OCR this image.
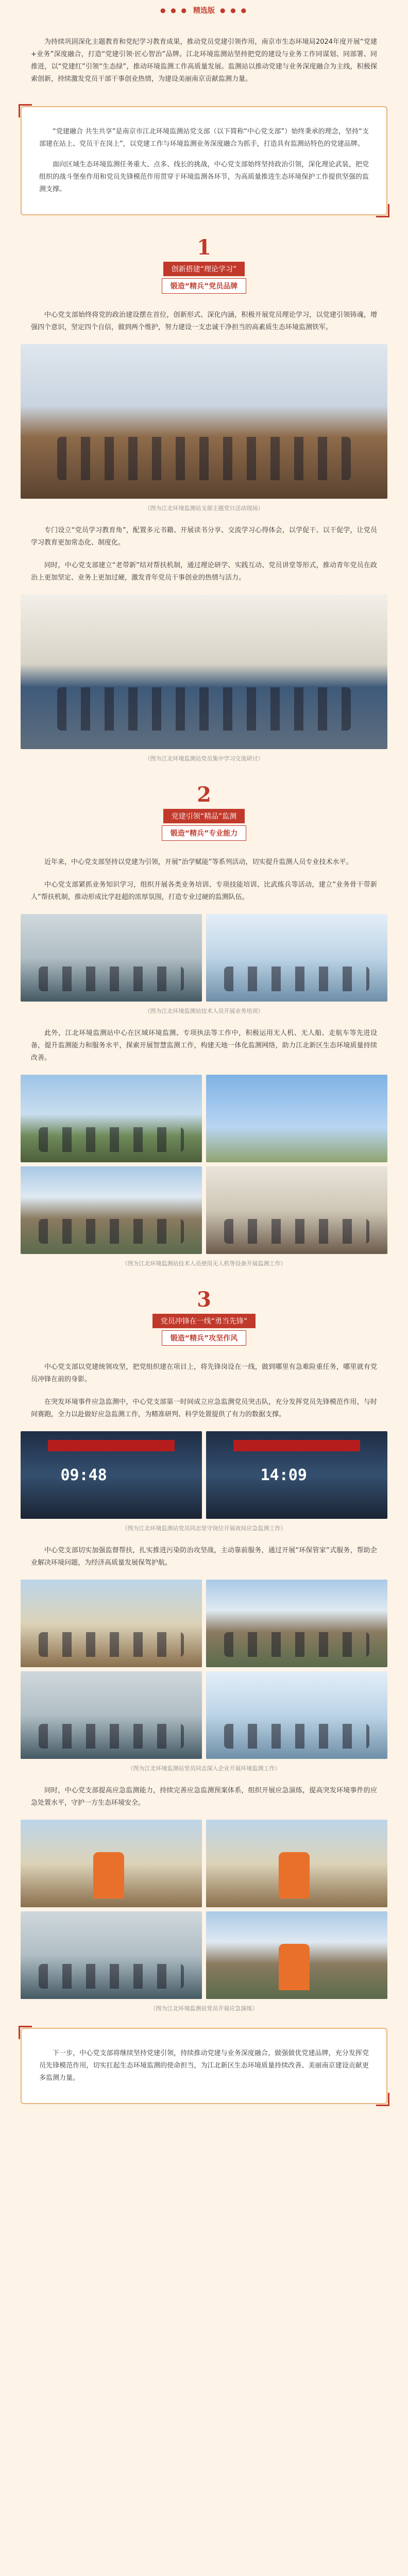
● ● ● 精选版 ● ● ●

为持续巩固深化主题教育和党纪学习教育成果，推动党员党建引领作用，南京市生态环境局2024年度开展“党建+业务”深度融合，打造“党建引领·匠心智治”品牌。江北环境监测站坚持把党的建设与业务工作同谋划、同部署、同推进，以“党建红”引领“生态绿”，推动环境监测工作高质量发展。监测站以推动党建与业务深度融合为主线，积极探索创新，持续激发党员干部干事创业热情，为建设美丽南京贡献监测力量。

“党建融合 共生共享”是南京市江北环境监测站党支部（以下简称“中心党支部”）始终秉承的理念，坚持“支部建在站上、党员干在岗上”，以党建工作与环境监测业务深度融合为抓手，打造具有监测站特色的党建品牌。

面向区域生态环境监测任务重大、点多、线长的挑战，中心党支部始终坚持政治引领，深化理论武装，把党组织的战斗堡垒作用和党员先锋模范作用贯穿于环境监测各环节，为高质量推进生态环境保护工作提供坚强的监测支撑。

1
创新搭建“理论学习”
锻造“精兵”党员品牌

中心党支部始终将党的政治建设摆在首位，创新形式、深化内涵，积极开展党员理论学习，以党建引领铸魂，增强四个意识，坚定四个自信，做到两个维护，努力建设一支忠诚干净担当的高素质生态环境监测铁军。

（图为江北环境监测站支部主题党日活动现场）

专门设立“党员学习教育角”，配置多元书籍、开展读书分享、交流学习心得体会，以学促干、以干促学，让党员学习教育更加常态化、制度化。

同时，中心党支部建立“老带新”结对帮扶机制，通过理论研学、实践互动、党员讲堂等形式，推动青年党员在政治上更加坚定、业务上更加过硬，激发青年党员干事创业的热情与活力。

（图为江北环境监测站党员集中学习交流研讨）

2
党建引领“精品”监测
锻造“精兵”专业能力

近年来，中心党支部坚持以党建为引领，开展“治学赋能”等系列活动，切实提升监测人员专业技术水平。

中心党支部紧抓业务知识学习，组织开展各类业务培训、专项技能培训、比武练兵等活动，建立“业务骨干带新人”帮扶机制，推动形成比学赶超的浓厚氛围，打造专业过硬的监测队伍。

（图为江北环境监测站技术人员开展业务培训）

此外，江北环境监测站中心在区域环境监测、专项执法等工作中，积极运用无人机、无人船、走航车等先进设备，提升监测能力和服务水平，探索开展智慧监测工作，构建天地一体化监测网络，助力江北新区生态环境质量持续改善。

（图为江北环境监测站技术人员使用无人机等设备开展监测工作）

3
党员冲锋在一线“勇当先锋”
锻造“精兵”攻坚作风

中心党支部以党建统领攻坚，把党组织建在项目上，将先锋岗设在一线，做到哪里有急难险重任务，哪里就有党员冲锋在前的身影。

在突发环境事件应急监测中，中心党支部第一时间成立应急监测党员突击队，充分发挥党员先锋模范作用，与时间赛跑，全力以赴做好应急监测工作，为精准研判、科学处置提供了有力的数据支撑。

09:48	14:09

（图为江北环境监测站党员同志坚守岗位开展夜间应急监测工作）

中心党支部切实加强监督帮扶，扎实推进污染防治攻坚战，主动靠前服务，通过开展“环保管家”式服务，帮助企业解决环境问题，为经济高质量发展保驾护航。

（图为江北环境监测站党员同志深入企业开展环境监测工作）

同时，中心党支部提高应急监测能力，持续完善应急监测预案体系，组织开展应急演练，提高突发环境事件的应急处置水平，守护一方生态环境安全。

（图为江北环境监测站党员开展应急演练）

下一步，中心党支部将继续坚持党建引领，持续推动党建与业务深度融合，做强做优党建品牌，充分发挥党员先锋模范作用，切实扛起生态环境监测的使命担当，为江北新区生态环境质量持续改善、美丽南京建设贡献更多监测力量。
